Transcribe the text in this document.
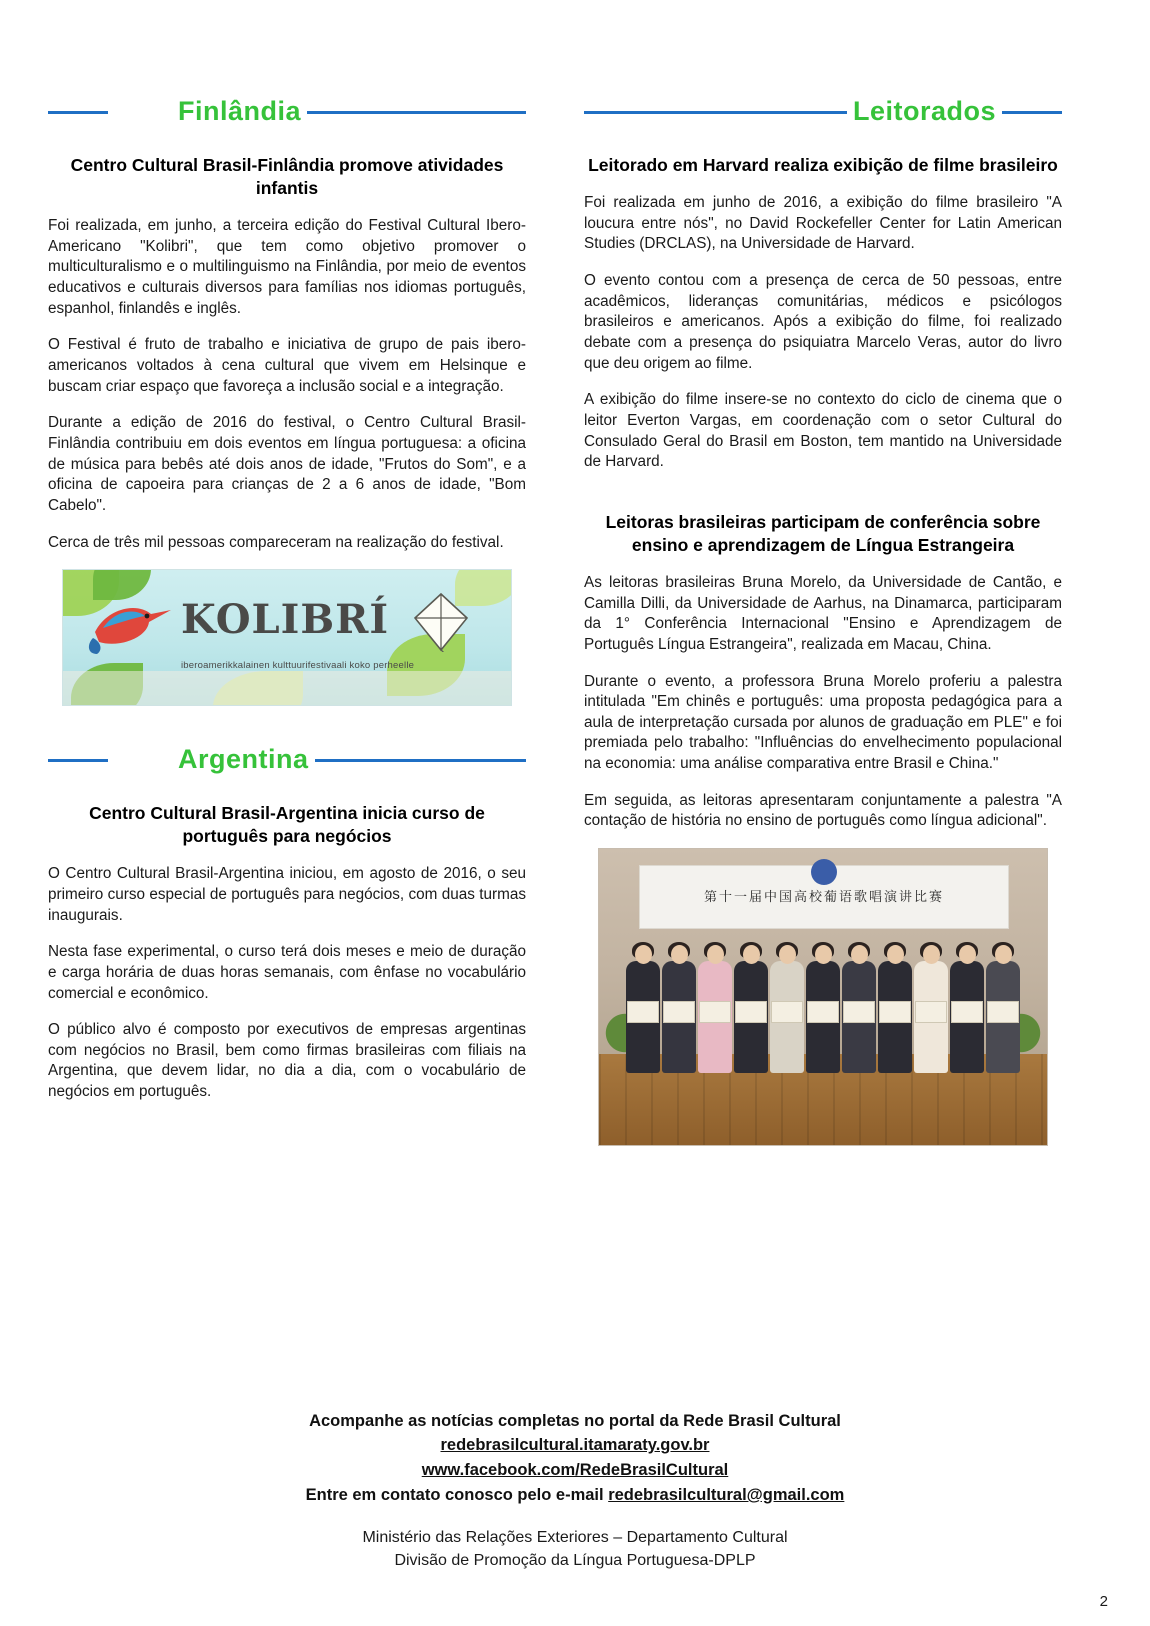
Finlândia
Centro Cultural Brasil-Finlândia promove atividades infantis

Foi realizada, em junho, a terceira edição do Festival Cultural Ibero-Americano "Kolibri", que tem como objetivo promover o multiculturalismo e o multilinguismo na Finlândia, por meio de eventos educativos e culturais diversos para famílias nos idiomas português, espanhol, finlandês e inglês.

O Festival é fruto de trabalho e iniciativa de grupo de pais ibero-americanos voltados à cena cultural que vivem em Helsinque e buscam criar espaço que favoreça a inclusão social e a integração.

Durante a edição de 2016 do festival, o Centro Cultural Brasil-Finlândia contribuiu em dois eventos em língua portuguesa: a oficina de música para bebês até dois anos de idade, "Frutos do Som", e a oficina de capoeira para crianças de 2 a 6 anos de idade, "Bom Cabelo".

Cerca de três mil pessoas compareceram na realização do festival.

KOLIBRÍ
iberoamerikkalainen kulttuurifestivaali koko perheelle
Argentina
Centro Cultural Brasil-Argentina inicia curso de português para negócios

O Centro Cultural Brasil-Argentina iniciou, em agosto de 2016, o seu primeiro curso especial de português para negócios, com duas turmas inaugurais.

Nesta fase experimental, o curso terá dois meses e meio de duração e carga horária de duas horas semanais, com ênfase no vocabulário comercial e econômico.

O público alvo é composto por executivos de empresas argentinas com negócios no Brasil, bem como firmas brasileiras com filiais na Argentina, que devem lidar, no dia a dia, com o vocabulário de negócios em português.

Leitorados
Leitorado em Harvard realiza exibição de filme brasileiro

Foi realizada em junho de 2016, a exibição do filme brasileiro "A loucura entre nós", no David Rockefeller Center for Latin American Studies (DRCLAS), na Universidade de Harvard.

O evento contou com a presença de cerca de 50 pessoas, entre acadêmicos, lideranças comunitárias, médicos e psicólogos brasileiros e americanos. Após a exibição do filme, foi realizado debate com a presença do psiquiatra Marcelo Veras, autor do livro que deu origem ao filme.

A exibição do filme insere-se no contexto do ciclo de cinema que o leitor Everton Vargas, em coordenação com o setor Cultural do Consulado Geral do Brasil em Boston, tem mantido na Universidade de Harvard.

Leitoras brasileiras participam de conferência sobre ensino e aprendizagem de Língua Estrangeira

As leitoras brasileiras Bruna Morelo, da Universidade de Cantão, e Camilla Dilli, da Universidade de Aarhus, na Dinamarca, participaram da 1° Conferência Internacional "Ensino e Aprendizagem de Português Língua Estrangeira", realizada em Macau, China.

Durante o evento, a professora Bruna Morelo proferiu a palestra intitulada "Em chinês e português: uma proposta pedagógica para a aula de interpretação cursada por alunos de graduação em PLE" e foi premiada pelo trabalho: "Influências do envelhecimento populacional na economia: uma análise comparativa entre Brasil e China."

Em seguida, as leitoras apresentaram conjuntamente a palestra "A contação de história no ensino de português como língua adicional".

第十一届中国高校葡语歌唱演讲比赛
Acompanhe as notícias completas no portal da Rede Brasil Cultural
redebrasilcultural.itamaraty.gov.br
www.facebook.com/RedeBrasilCultural
Entre em contato conosco pelo e-mail redebrasilcultural@gmail.com
Ministério das Relações Exteriores – Departamento Cultural
Divisão de Promoção da Língua Portuguesa-DPLP
2
